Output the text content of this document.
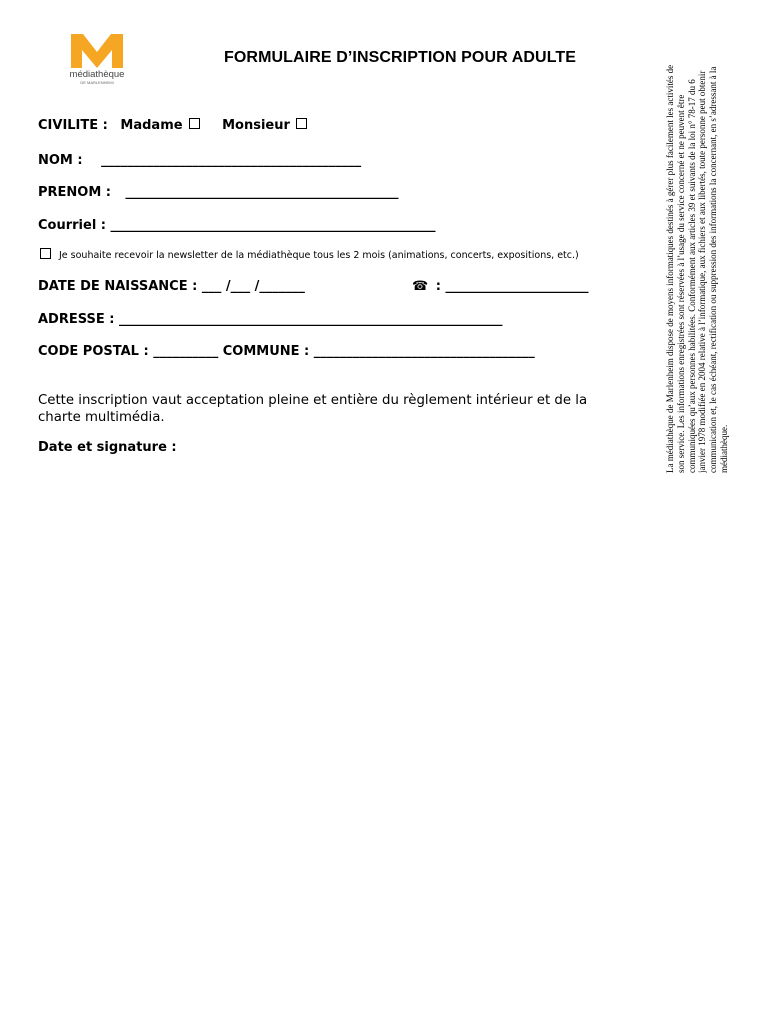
médiathèque
DE MARLENHEIM
FORMULAIRE D’INSCRIPTION POUR ADULTE
CIVILITE : Madame	Monsieur
NOM : ________________________________________
PRENOM : __________________________________________
Courriel : __________________________________________________
Je souhaite recevoir la newsletter de la médiathèque tous les 2 mois (animations, concerts, expositions, etc.)
DATE DE NAISSANCE : ___ /___ /_______	☎ : ______________________
ADRESSE : ___________________________________________________________
CODE POSTAL : __________ COMMUNE : __________________________________
Cette inscription vaut acceptation pleine et entière du règlement intérieur et de la charte multimédia.
Date et signature :	La médiathèque de Marlenheim dispose de moyens informatiques destinés à gérer plus facilement les activités de son service. Les informations enregistrées sont réservées à l’usage du service concerné et ne peuvent être communiquées qu’aux personnes habilitées. Conformément aux articles 39 et suivants de la loi n° 78-17 du 6 janvier 1978 modifiée en 2004 relative à l’informatique, aux fichiers et aux libertés, toute personne peut obtenir communication et, le cas échéant, rectification ou suppression des informations la concernant, en s’adressant à la médiathèque.
